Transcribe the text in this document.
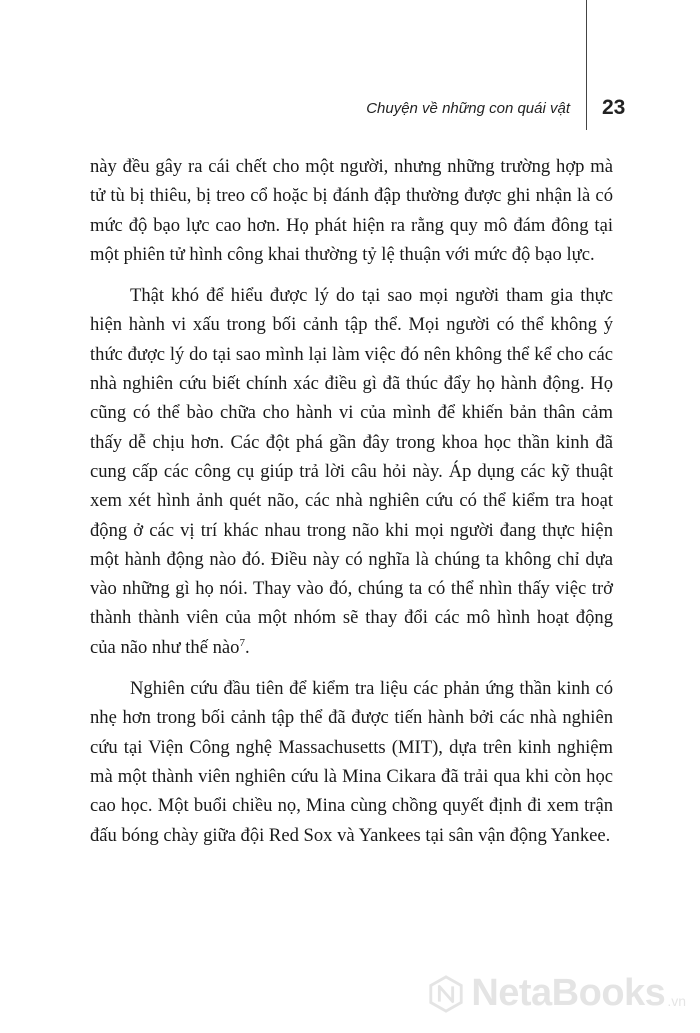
Chuyện về những con quái vật 23

này đều gây ra cái chết cho một người, nhưng những trường hợp mà tử tù bị thiêu, bị treo cổ hoặc bị đánh đập thường được ghi nhận là có mức độ bạo lực cao hơn. Họ phát hiện ra rằng quy mô đám đông tại một phiên tử hình công khai thường tỷ lệ thuận với mức độ bạo lực.

Thật khó để hiểu được lý do tại sao mọi người tham gia thực hiện hành vi xấu trong bối cảnh tập thể. Mọi người có thể không ý thức được lý do tại sao mình lại làm việc đó nên không thể kể cho các nhà nghiên cứu biết chính xác điều gì đã thúc đẩy họ hành động. Họ cũng có thể bào chữa cho hành vi của mình để khiến bản thân cảm thấy dễ chịu hơn. Các đột phá gần đây trong khoa học thần kinh đã cung cấp các công cụ giúp trả lời câu hỏi này. Áp dụng các kỹ thuật xem xét hình ảnh quét não, các nhà nghiên cứu có thể kiểm tra hoạt động ở các vị trí khác nhau trong não khi mọi người đang thực hiện một hành động nào đó. Điều này có nghĩa là chúng ta không chỉ dựa vào những gì họ nói. Thay vào đó, chúng ta có thể nhìn thấy việc trở thành thành viên của một nhóm sẽ thay đổi các mô hình hoạt động của não như thế nào$^7$.

Nghiên cứu đầu tiên để kiểm tra liệu các phản ứng thần kinh có nhẹ hơn trong bối cảnh tập thể đã được tiến hành bởi các nhà nghiên cứu tại Viện Công nghệ Massachusetts (MIT), dựa trên kinh nghiệm mà một thành viên nghiên cứu là Mina Cikara đã trải qua khi còn học cao học. Một buổi chiều nọ, Mina cùng chồng quyết định đi xem trận đấu bóng chày giữa đội Red Sox và Yankees tại sân vận động Yankee.

NetaBooks .vn
